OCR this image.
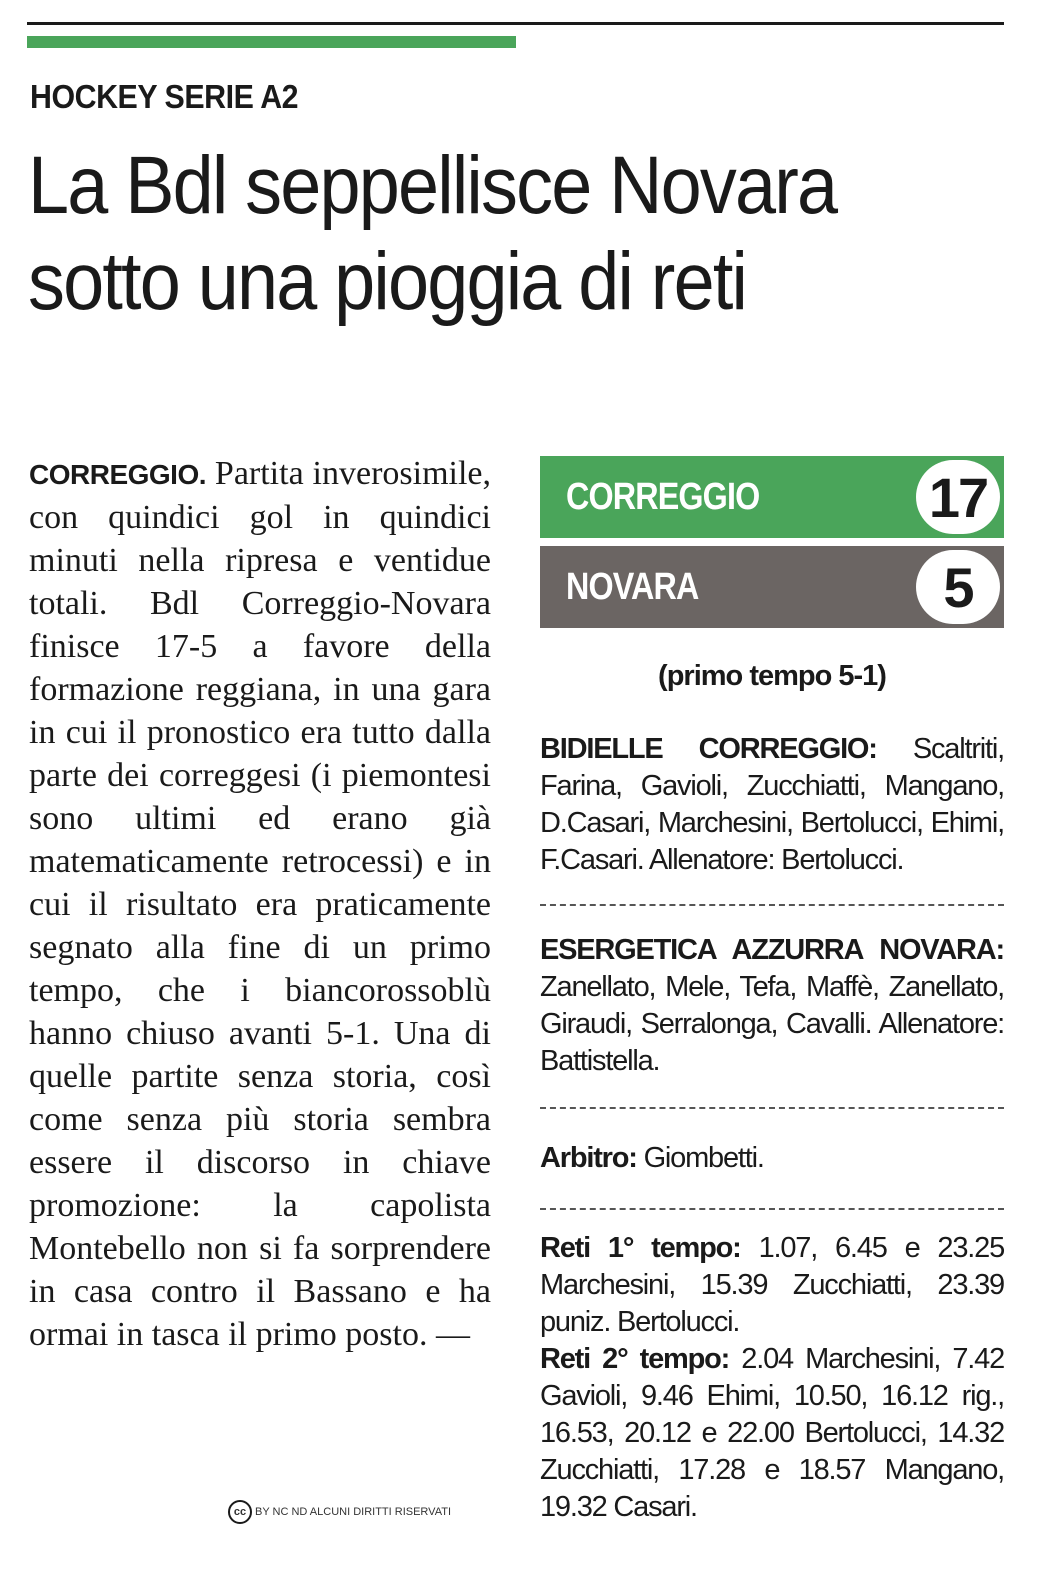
HOCKEY SERIE A2
La Bdl seppellisce Novara
sotto una pioggia di reti

CORREGGIO. Partita inverosimile, con quindici gol in quindici minuti nella ripresa e ventidue totali. Bdl Correggio-Novara finisce 17-5 a favore della formazione reggiana, in una gara in cui il pronostico era tutto dalla parte dei correggesi (i piemontesi sono ultimi ed erano già matematicamente retrocessi) e in cui il risultato era praticamente segnato alla fine di un primo tempo, che i biancorossoblù hanno chiuso avanti 5-1. Una di quelle partite senza storia, così come senza più storia sembra essere il discorso in chiave promozione: la capolista Montebello non si fa sorprendere in casa contro il Bassano e ha ormai in tasca il primo posto. —

cc BY NC ND ALCUNI DIRITTI RISERVATI
CORREGGIO	17
NOVARA	5
(primo tempo 5-1)

BIDIELLE CORREGGIO: Scaltriti, Farina, Gavioli, Zucchiatti, Mangano, D.Casari, Marchesini, Bertolucci, Ehimi, F.Casari. Allenatore: Bertolucci.

ESERGETICA AZZURRA NOVARA: Zanellato, Mele, Tefa, Maffè, Zanellato, Giraudi, Serralonga, Cavalli. Allenatore: Battistella.

Arbitro: Giombetti.

Reti 1° tempo: 1.07, 6.45 e 23.25 Marchesini, 15.39 Zucchiatti, 23.39 puniz. Bertolucci.

Reti 2° tempo: 2.04 Marchesini, 7.42 Gavioli, 9.46 Ehimi, 10.50, 16.12 rig., 16.53, 20.12 e 22.00 Bertolucci, 14.32 Zucchiatti, 17.28 e 18.57 Mangano, 19.32 Casari.
